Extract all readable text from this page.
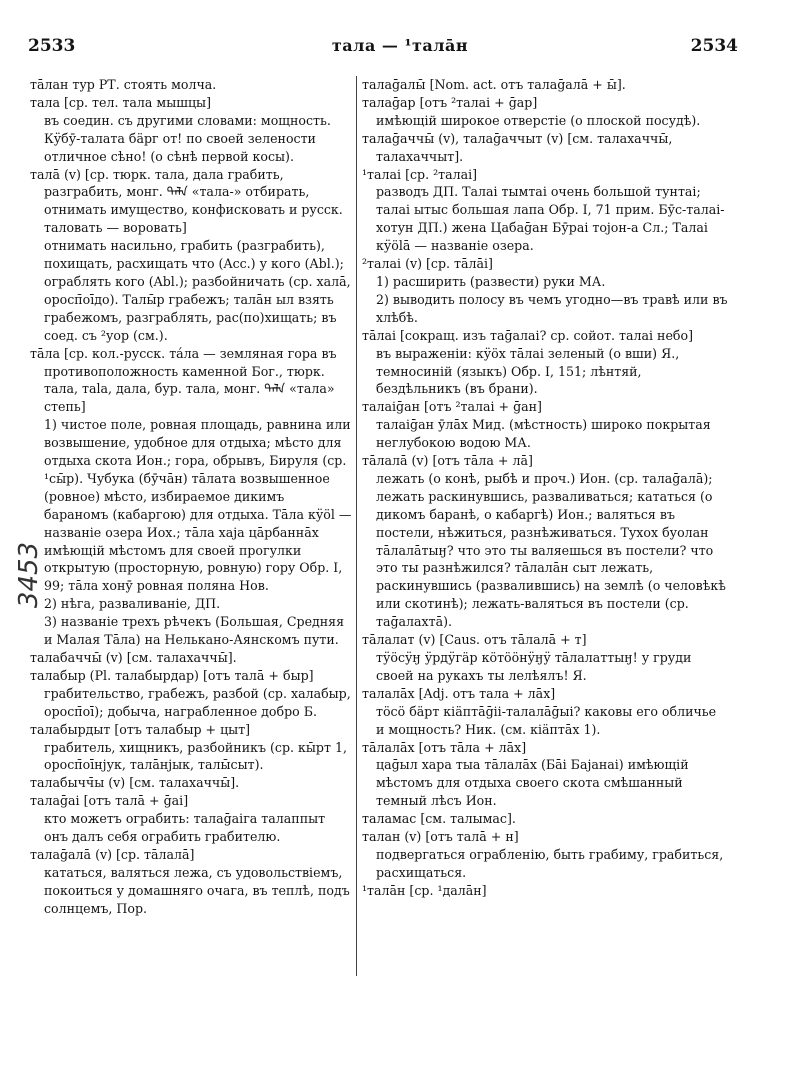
2533	тала — ¹талāн	2534
3453

тāлан тур РТ. стоять молча.

тала [ср. тел. тала мышцы]

въ соедин. съ другими словами: мощность. Кӱбӯ-талата бäрг от! по своей зелености отличное сѣно! (о сѣнѣ первой косы).

талā (v) [ср. тюрк. тала, дала грабить, разграбить, монг. ᠲᠠᠯᠠ «тала-» отбирать, отнимать имущество, конфисковать и русск. таловать — воровать]

отнимать насильно, грабить (разграбить), похищать, расхищать что (Acc.) у кого (Abl.); ограблять кого (Abl.); разбойничать (ср. халā, оросп̄оīдо). Талы̄р грабежъ; талāн ыл взять грабежомъ, разграблять, рас(по)хищать; въ соед. съ ²уор (см.).

тāла [ср. кол.-русск. тáла — земляная гора въ противоположность каменной Бог., тюрк. тала, таlа, дала, бур. тала, монг. ᠲᠠᠯᠠ «тала» степь]

1) чистое поле, ровная площадь, равнина или возвышение, удобное для отдыха; мѣсто для отдыха скота Ион.; гора, обрывъ, Бируля (ср. ¹сы̄р). Чубука (бӯчāн) тāлата возвышенное (ровное) мѣсто, избираемое дикимъ бараномъ (кабаргою) для отдыха. Тāла кӱöl — названіе озера Иох.; тāла хаjа цāрбаннāх имѣющій мѣстомъ для своей прогулки открытую (просторную, ровную) гору Обр. I, 99; тāла хонӯ ровная поляна Нов.

2) нѣга, разваливаніе, ДП.

3) названіе трехъ рѣчекъ (Большая, Средняя и Малая Тāла) на Нелькано-Аянскомъ пути.

талабаччы̄ (v) [см. талахаччы̄].

талабыр (Pl. талабырдар) [отъ талā + быр]

грабительство, грабежъ, разбой (ср. халабыр, оросп̄оī); добыча, награбленное добро Б.

талабырдыт [отъ талабыр + цыт]

грабитель, хищникъ, разбойникъ (ср. кы̄рт 1, оросп̄оīнjук, талāнjык, талы̄сыт).

талабычч̄ы (v) [см. талахаччы̄].

талаḡаі [отъ талā + ḡаі]

кто можетъ ограбить: талаḡаіга талаппыт онъ далъ себя ограбить грабителю.

талаḡалā (v) [ср. тāлалā]

кататься, валяться лежа, съ удовольствіемъ, покоиться у домашняго очага, въ теплѣ, подъ солнцемъ, Пор.

талаḡалы̄ [Nom. act. отъ талаḡалā + ы̄].

талаḡар [отъ ²талаі + ḡар]

имѣющій широкое отверстіе (о плоской посудѣ).

талаḡаччы̄ (v), талаḡаччыт (v) [см. талахаччы̄, талахаччыт].

¹талаі [ср. ²талаі]

разводъ ДП. Талаі тымтаі очень большой тунтаі; талаі ытыс большая лапа Обр. I, 71 прим. Бӯс-талаі-хотун ДП.) жена Цабаḡан Бӯраі тоjон-а Сл.; Талаі кӱölā — названіе озера.

²талаі (v) [ср. тāлāі]

1) расширить (развести) руки МА.

2) выводить полосу въ чемъ угодно—въ травѣ или въ хлѣбѣ.

тāлаі [сокращ. изъ таḡалаі? ср. сойот. талаі небо]

въ выраженіи: кӱöх тāлаі зеленый (о вши) Я., темносиній (языкъ) Обр. I, 151; лѣнтяй, бездѣльникъ (въ брани).

талаіḡан [отъ ²талаі + ḡан]

талаіḡан ӯлāх Мид. (мѣстность) широко покрытая неглубокою водою МА.

тāлалā (v) [отъ тāла + лā]

лежать (о конѣ, рыбѣ и проч.) Ион. (ср. талаḡалā); лежать раскинувшись, разваливаться; кататься (о дикомъ баранѣ, о кабаргѣ) Ион.; валяться въ постели, нѣжиться, разнѣживаться. Тухох буолан тāлалāтыӈ? что это ты валяешься въ постели? что это ты разнѣжился? тāлалāн сыт лежать, раскинувшись (развалившись) на землѣ (о человѣкѣ или скотинѣ); лежать-валяться въ постели (ср. таḡалахтā).

тāлалат (v) [Caus. отъ тāлалā + т]

тӱöсӱӈ ӱрдӱгäр кöтööнӱӈӱ тāлалаттыӈ! у груди своей на рукахъ ты лелѣялъ! Я.

талалāх [Adj. отъ тала + лāх]

тöсö бäрт кіäптāḡіі-талалāḡыі? каковы его обличье и мощность? Ник. (см. кіäптāх 1).

тāлалāх [отъ тāла + лāх]

цаḡыл хара тыа тāлалāх (Бāі Баjанаі) имѣющій мѣстомъ для отдыха своего скота смѣшанный темный лѣсъ Ион.

таламас [см. талымас].

талан (v) [отъ талā + н]

подвергаться ограбленію, быть грабиму, грабиться, расхищаться.

¹талāн [ср. ¹далāн]
